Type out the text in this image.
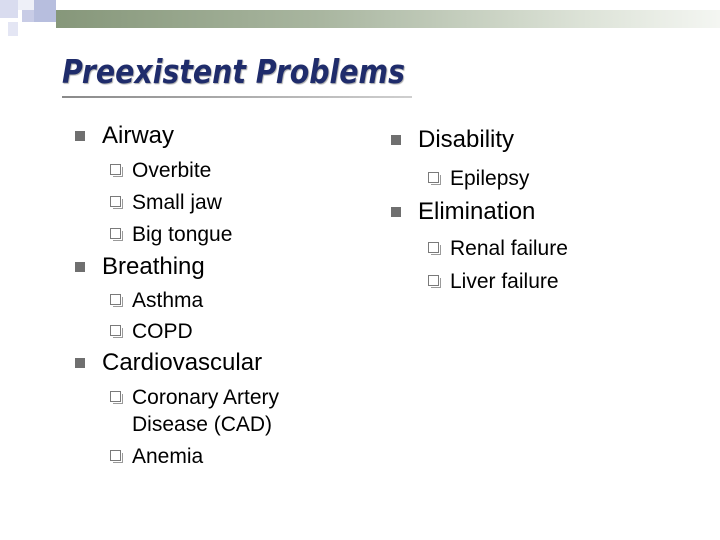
Preexistent Problems
Airway
Overbite
Small jaw
Big tongue
Breathing
Asthma
COPD
Cardiovascular
Coronary Artery
Disease (CAD)
Anemia
Disability
Epilepsy
Elimination
Renal failure
Liver failure
